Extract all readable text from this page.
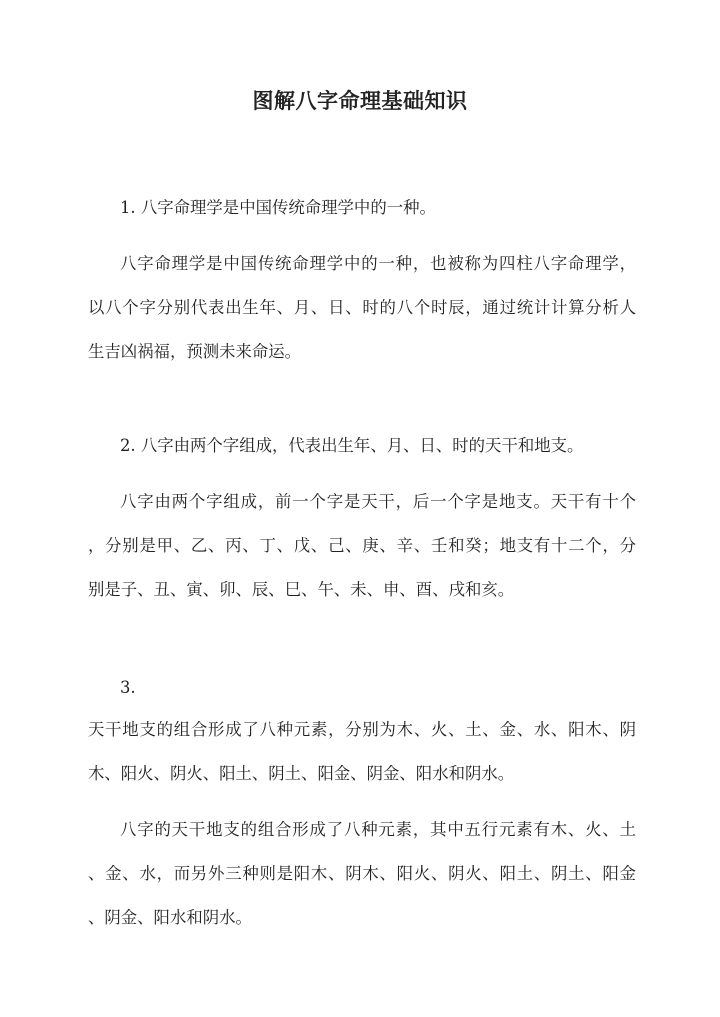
图解八字命理基础知识
1. 八字命理学是中国传统命理学中的一种。
八字命理学是中国传统命理学中的一种，也被称为四柱八字命理学，
以八个字分别代表出生年、月、日、时的八个时辰，通过统计计算分析人
生吉凶祸福，预测未来命运。
2. 八字由两个字组成，代表出生年、月、日、时的天干和地支。
八字由两个字组成，前一个字是天干，后一个字是地支。天干有十个
，分别是甲、乙、丙、丁、戊、己、庚、辛、壬和癸；地支有十二个，分
别是子、丑、寅、卯、辰、巳、午、未、申、酉、戌和亥。
3.
天干地支的组合形成了八种元素，分别为木、火、土、金、水、阳木、阴
木、阳火、阴火、阳土、阴土、阳金、阴金、阳水和阴水。
八字的天干地支的组合形成了八种元素，其中五行元素有木、火、土
、金、水，而另外三种则是阳木、阴木、阳火、阴火、阳土、阴土、阳金
、阴金、阳水和阴水。
